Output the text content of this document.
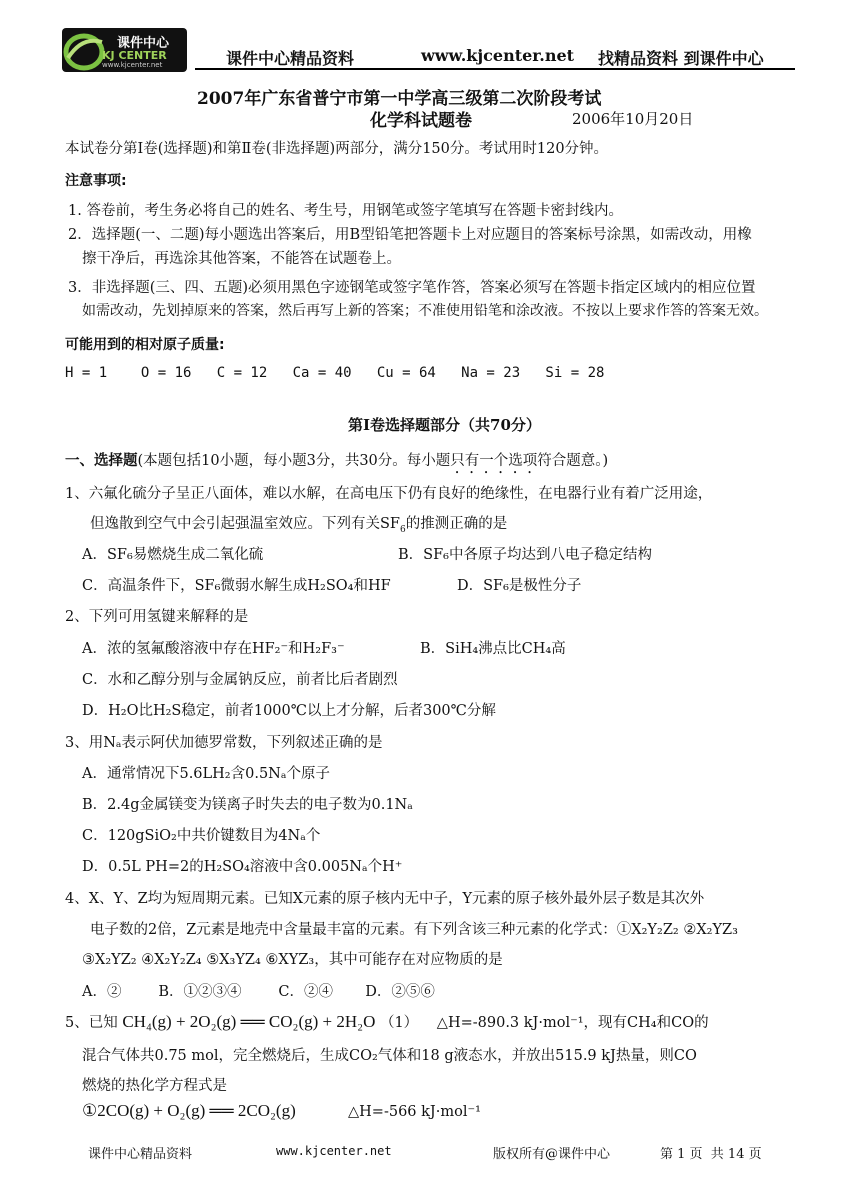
课件中心
KJ CENTER
www.kjcenter.net	课件中心精品资料	www.kjcenter.net 找精品资料 到课件中心
2007年广东省普宁市第一中学高三级第二次阶段考试
化学科试题卷	2006年10月20日
本试卷分第Ⅰ卷(选择题)和第Ⅱ卷(非选择题)两部分，满分150分。考试用时120分钟。
注意事项:
1. 答卷前，考生务必将自己的姓名、考生号，用钢笔或签字笔填写在答题卡密封线内。
2．选择题(一、二题)每小题选出答案后，用B型铅笔把答题卡上对应题目的答案标号涂黑，如需改动，用橡
擦干净后，再选涂其他答案，不能答在试题卷上。
3．非选择题(三、四、五题)必须用黑色字迹钢笔或签字笔作答，答案必须写在答题卡指定区域内的相应位置
如需改动，先划掉原来的答案，然后再写上新的答案；不准使用铅笔和涂改液。不按以上要求作答的答案无效。
可能用到的相对原子质量:
H = 1    O = 16   C = 12   Ca = 40   Cu = 64   Na = 23   Si = 28
第Ⅰ卷选择题部分（共70分）
一、选择题(本题包括10小题，每小题3分，共30分。每小题只有一个选项符合题意。)
1、六氟化硫分子呈正八面体，难以水解，在高电压下仍有良好的绝缘性，在电器行业有着广泛用途，
但逸散到空气中会引起强温室效应。下列有关$SF_6$的推测正确的是
A．SF₆易燃烧生成二氧化硫	B．SF₆中各原子均达到八电子稳定结构
C．高温条件下，SF₆微弱水解生成H₂SO₄和HF	D．SF₆是极性分子
2、下列可用氢键来解释的是
A．浓的氢氟酸溶液中存在HF₂⁻和H₂F₃⁻	B．SiH₄沸点比CH₄高
C．水和乙醇分别与金属钠反应，前者比后者剧烈
D．H₂O比H₂S稳定，前者1000℃以上才分解，后者300℃分解
3、用Nₐ表示阿伏加德罗常数，下列叙述正确的是
A．通常情况下5.6LH₂含0.5Nₐ个原子
B．2.4g金属镁变为镁离子时失去的电子数为0.1Nₐ
C．120gSiO₂中共价键数目为4Nₐ个
D．0.5L PH=2的H₂SO₄溶液中含0.005Nₐ个H⁺
4、X、Y、Z均为短周期元素。已知X元素的原子核内无中子，Y元素的原子核外最外层子数是其次外
电子数的2倍，Z元素是地壳中含量最丰富的元素。有下列含该三种元素的化学式：①X₂Y₂Z₂ ②X₂YZ₃
③X₂YZ₂ ④X₂Y₂Z₄ ⑤X₃YZ₄ ⑥XYZ₃，其中可能存在对应物质的是
A．②        B．①②③④        C．②④       D．②⑤⑥
5、已知 CH₄(g) + 2O₂(g) ══ CO₂(g) + 2H₂O （1） △H=-890.3 kJ·mol⁻¹，现有CH₄和CO的
混合气体共0.75 mol，完全燃烧后，生成CO₂气体和18 g液态水，并放出515.9 kJ热量，则CO
燃烧的热化学方程式是
①2CO(g) + O₂(g) ══ 2CO₂(g)	△H=-566 kJ·mol⁻¹
课件中心精品资料	www.kjcenter.net	版权所有@课件中心	第 1 页  共 14 页
